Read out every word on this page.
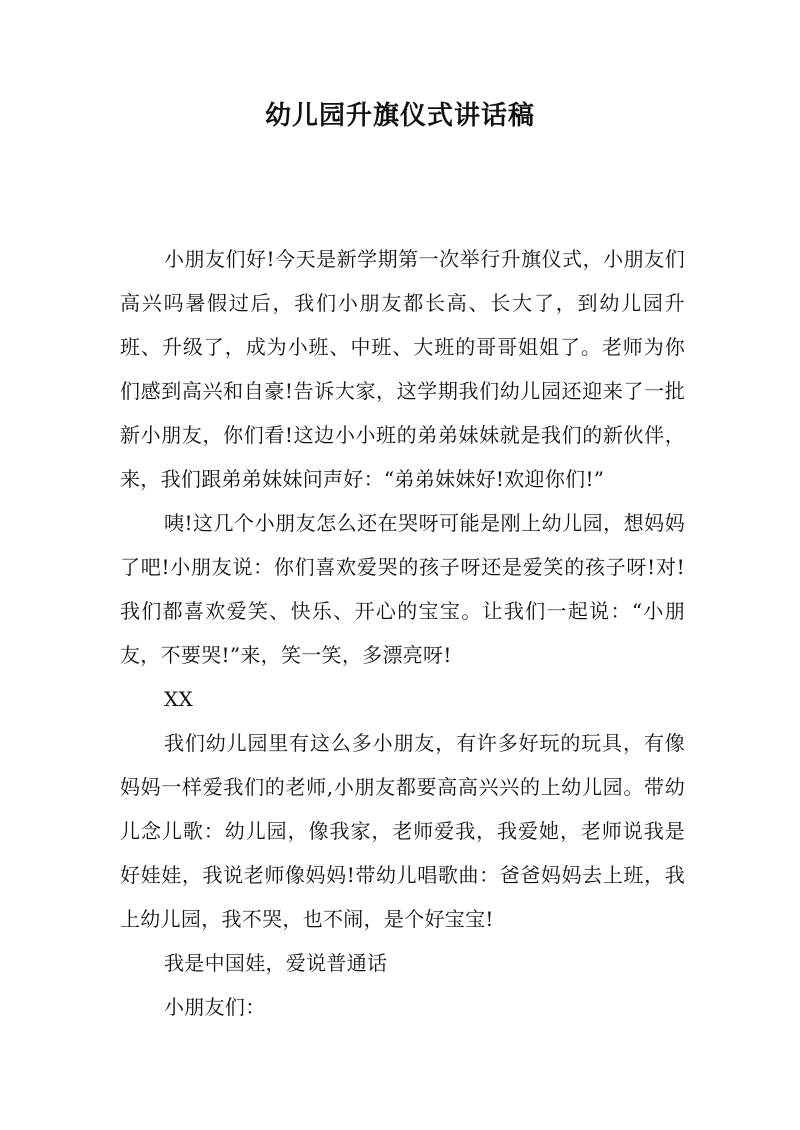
幼儿园升旗仪式讲话稿

小朋友们好!今天是新学期第一次举行升旗仪式，小朋友们高兴吗暑假过后，我们小朋友都长高、长大了，到幼儿园升班、升级了，成为小班、中班、大班的哥哥姐姐了。老师为你们感到高兴和自豪!告诉大家，这学期我们幼儿园还迎来了一批新小朋友，你们看!这边小小班的弟弟妹妹就是我们的新伙伴，来，我们跟弟弟妹妹问声好：“弟弟妹妹好!欢迎你们!”

咦!这几个小朋友怎么还在哭呀可能是刚上幼儿园，想妈妈了吧!小朋友说：你们喜欢爱哭的孩子呀还是爱笑的孩子呀!对!我们都喜欢爱笑、快乐、开心的宝宝。让我们一起说：“小朋友，不要哭!”来，笑一笑，多漂亮呀!

XX

我们幼儿园里有这么多小朋友，有许多好玩的玩具，有像妈妈一样爱我们的老师,小朋友都要高高兴兴的上幼儿园。带幼儿念儿歌：幼儿园，像我家，老师爱我，我爱她，老师说我是好娃娃，我说老师像妈妈!带幼儿唱歌曲：爸爸妈妈去上班，我上幼儿园，我不哭，也不闹，是个好宝宝!

我是中国娃，爱说普通话

小朋友们：
